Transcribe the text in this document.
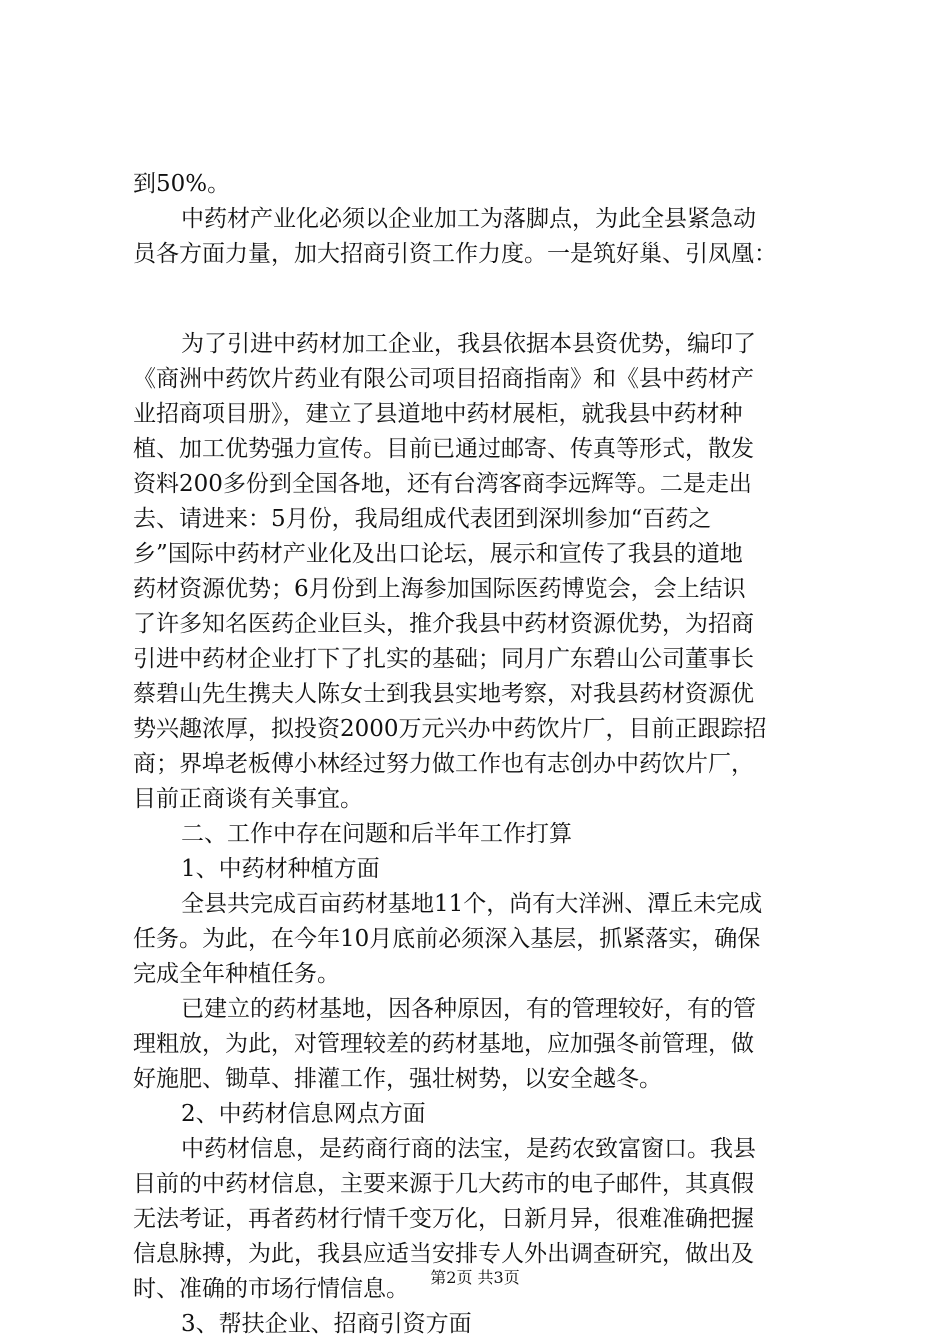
到50%。
中药材产业化必须以企业加工为落脚点，为此全县紧急动
员各方面力量，加大招商引资工作力度。一是筑好巢、引凤凰：
为了引进中药材加工企业，我县依据本县资优势，编印了
《商洲中药饮片药业有限公司项目招商指南》和《县中药材产
业招商项目册》，建立了县道地中药材展柜，就我县中药材种
植、加工优势强力宣传。目前已通过邮寄、传真等形式，散发
资料200多份到全国各地，还有台湾客商李远辉等。二是走出
去、请进来：5月份，我局组成代表团到深圳参加“百药之
乡”国际中药材产业化及出口论坛，展示和宣传了我县的道地
药材资源优势；6月份到上海参加国际医药博览会，会上结识
了许多知名医药企业巨头，推介我县中药材资源优势，为招商
引进中药材企业打下了扎实的基础；同月广东碧山公司董事长
蔡碧山先生携夫人陈女士到我县实地考察，对我县药材资源优
势兴趣浓厚，拟投资2000万元兴办中药饮片厂，目前正跟踪招
商；界埠老板傅小林经过努力做工作也有志创办中药饮片厂，
目前正商谈有关事宜。
二、工作中存在问题和后半年工作打算
1、中药材种植方面
全县共完成百亩药材基地11个，尚有大洋洲、潭丘未完成
任务。为此，在今年10月底前必须深入基层，抓紧落实，确保
完成全年种植任务。
已建立的药材基地，因各种原因，有的管理较好，有的管
理粗放，为此，对管理较差的药材基地，应加强冬前管理，做
好施肥、锄草、排灌工作，强壮树势，以安全越冬。
2、中药材信息网点方面
中药材信息，是药商行商的法宝，是药农致富窗口。我县
目前的中药材信息，主要来源于几大药市的电子邮件，其真假
无法考证，再者药材行情千变万化，日新月异，很难准确把握
信息脉搏，为此，我县应适当安排专人外出调查研究，做出及
时、准确的市场行情信息。
3、帮扶企业、招商引资方面
第2页 共3页
